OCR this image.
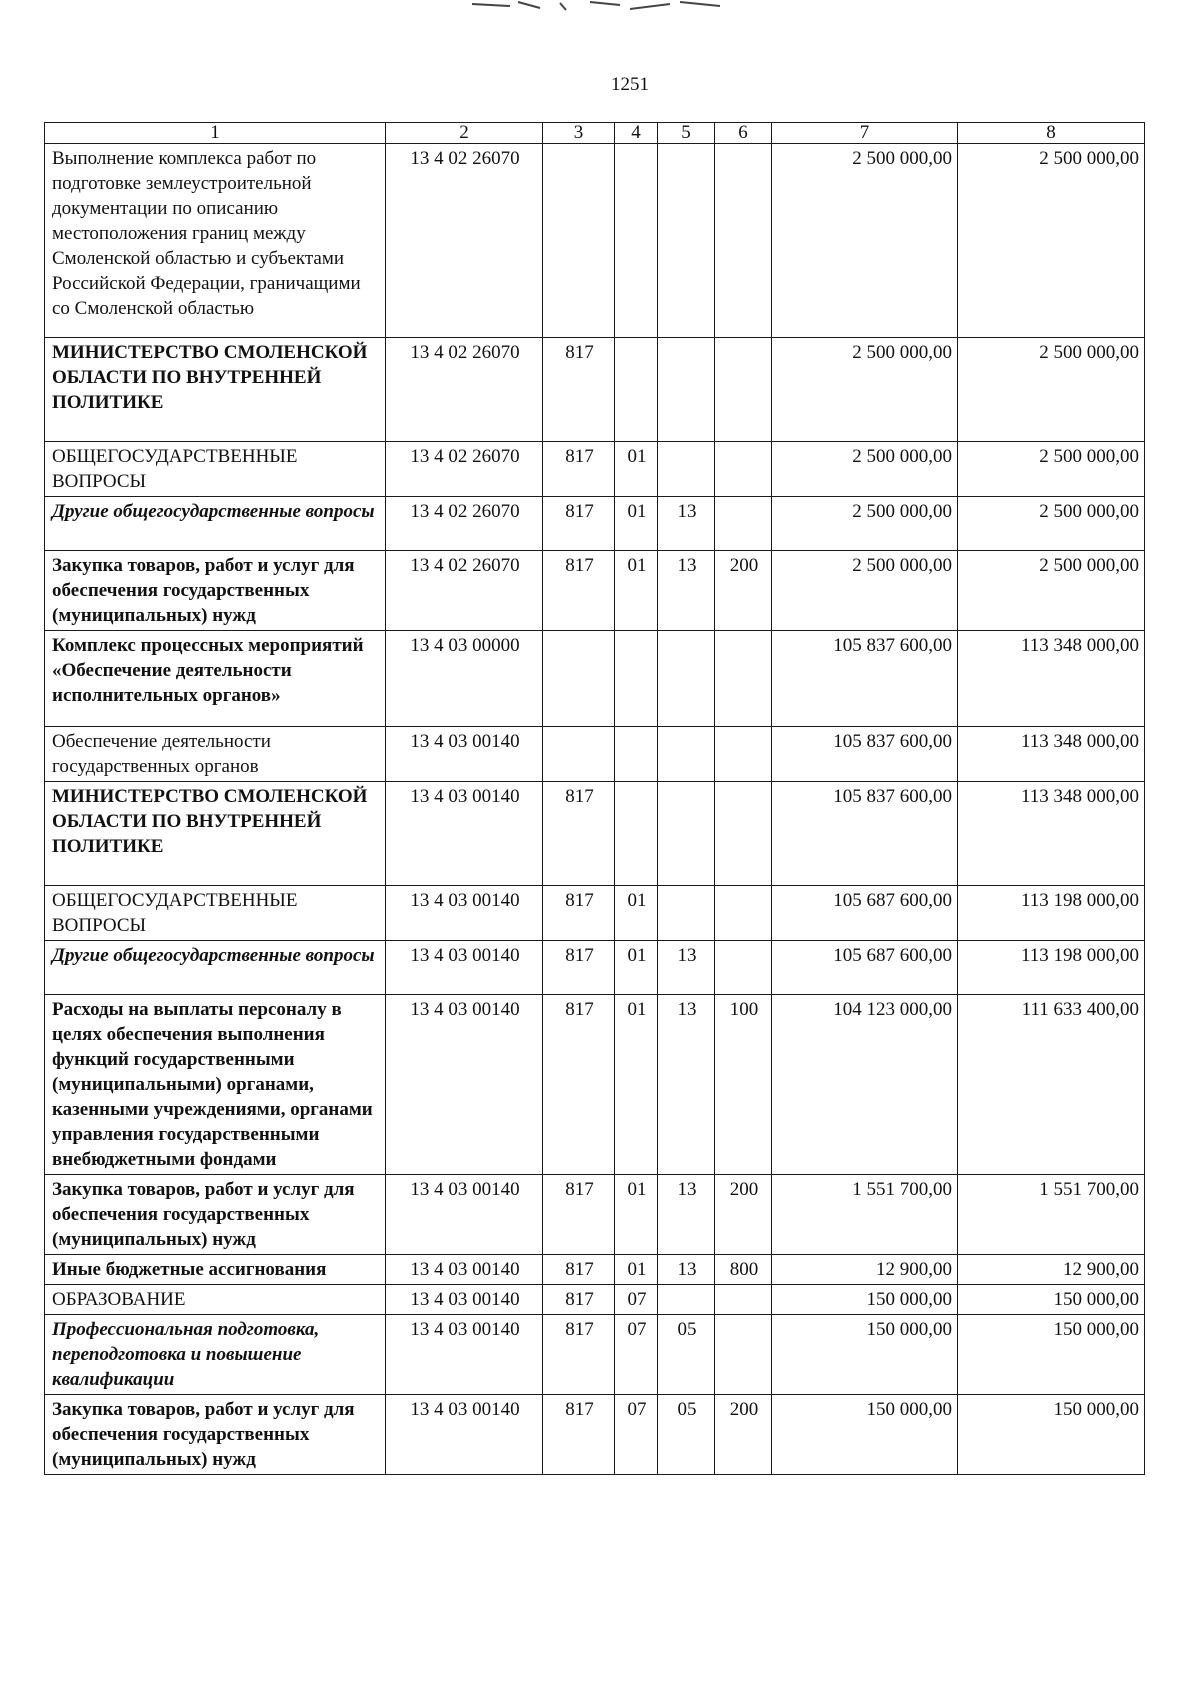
1251
1	2	3	4	5	6	7	8
Выполнение комплекса работ по подготовке землеустроительной документации по описанию местоположения границ между Смоленской областью и субъектами Российской Федерации, граничащими со Смоленской областью	13 4 02 26070					2 500 000,00	2 500 000,00
МИНИСТЕРСТВО СМОЛЕНСКОЙ ОБЛАСТИ ПО ВНУТРЕННЕЙ ПОЛИТИКЕ	13 4 02 26070	817				2 500 000,00	2 500 000,00
ОБЩЕГОСУДАРСТВЕННЫЕ ВОПРОСЫ	13 4 02 26070	817	01			2 500 000,00	2 500 000,00
Другие общегосударственные вопросы	13 4 02 26070	817	01	13		2 500 000,00	2 500 000,00
Закупка товаров, работ и услуг для обеспечения государственных (муниципальных) нужд	13 4 02 26070	817	01	13	200	2 500 000,00	2 500 000,00
Комплекс процессных мероприятий «Обеспечение деятельности исполнительных органов»	13 4 03 00000					105 837 600,00	113 348 000,00
Обеспечение деятельности государственных органов	13 4 03 00140					105 837 600,00	113 348 000,00
МИНИСТЕРСТВО СМОЛЕНСКОЙ ОБЛАСТИ ПО ВНУТРЕННЕЙ ПОЛИТИКЕ	13 4 03 00140	817				105 837 600,00	113 348 000,00
ОБЩЕГОСУДАРСТВЕННЫЕ ВОПРОСЫ	13 4 03 00140	817	01			105 687 600,00	113 198 000,00
Другие общегосударственные вопросы	13 4 03 00140	817	01	13		105 687 600,00	113 198 000,00
Расходы на выплаты персоналу в целях обеспечения выполнения функций государственными (муниципальными) органами, казенными учреждениями, органами управления государственными внебюджетными фондами	13 4 03 00140	817	01	13	100	104 123 000,00	111 633 400,00
Закупка товаров, работ и услуг для обеспечения государственных (муниципальных) нужд	13 4 03 00140	817	01	13	200	1 551 700,00	1 551 700,00
Иные бюджетные ассигнования	13 4 03 00140	817	01	13	800	12 900,00	12 900,00
ОБРАЗОВАНИЕ	13 4 03 00140	817	07			150 000,00	150 000,00
Профессиональная подготовка, переподготовка и повышение квалификации	13 4 03 00140	817	07	05		150 000,00	150 000,00
Закупка товаров, работ и услуг для обеспечения государственных (муниципальных) нужд	13 4 03 00140	817	07	05	200	150 000,00	150 000,00
